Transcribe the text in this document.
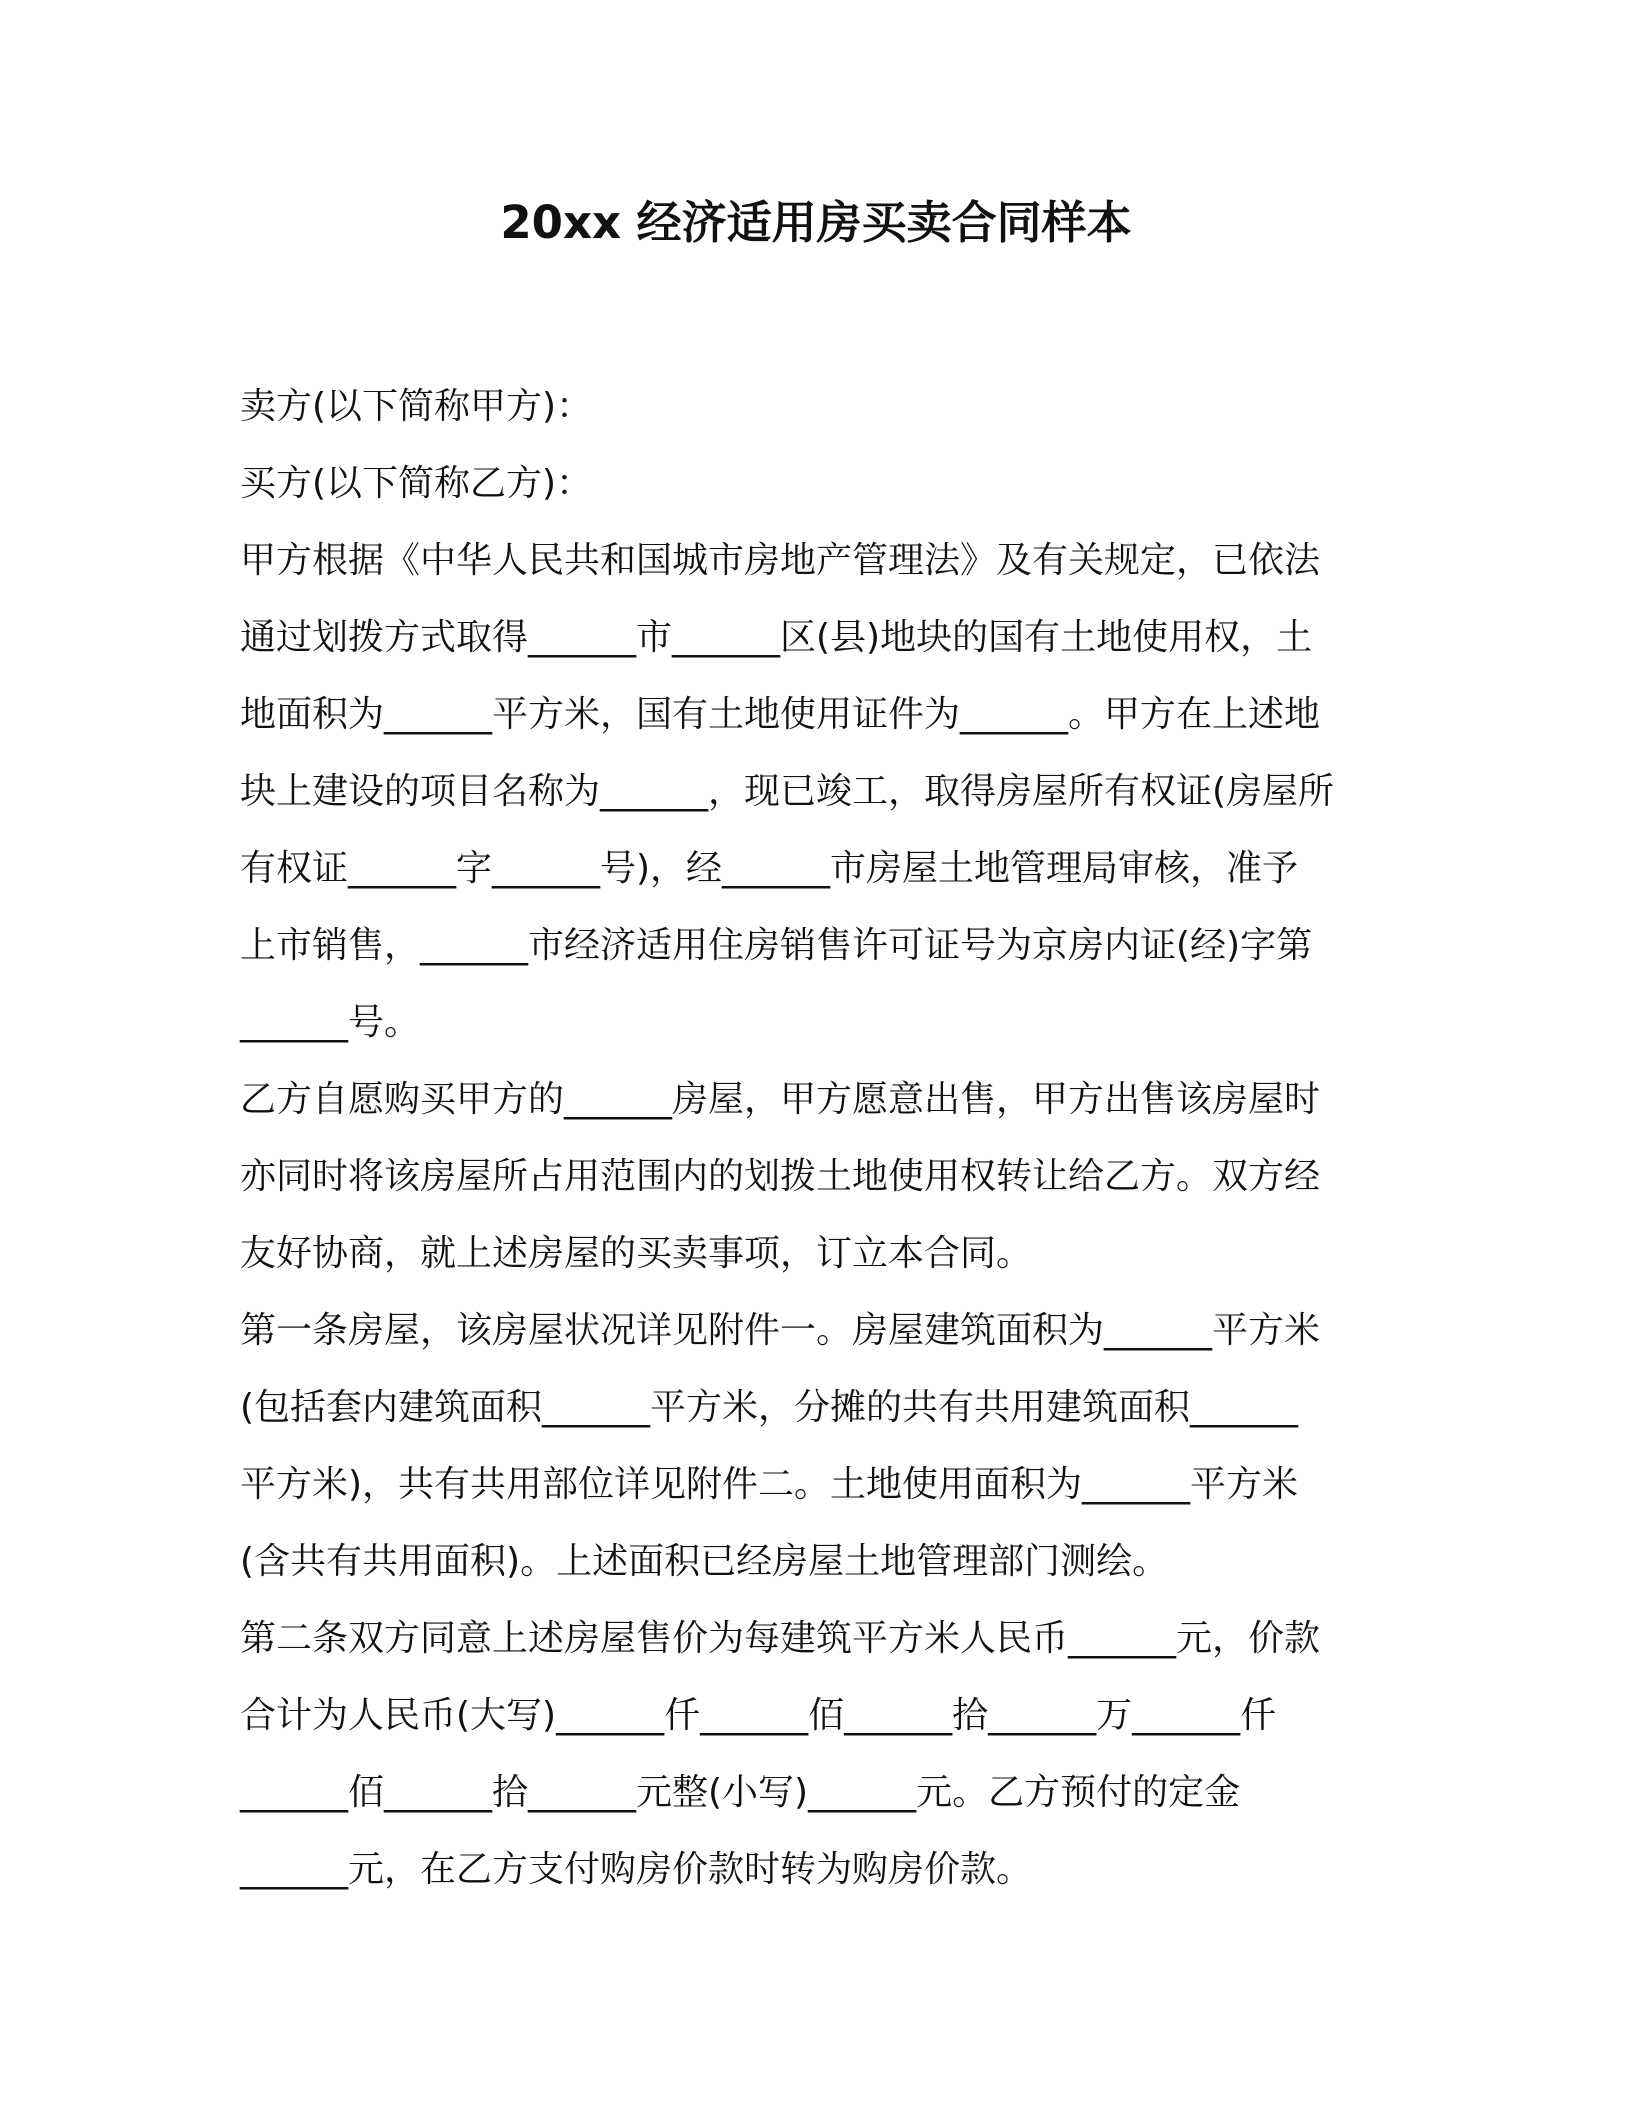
20xx 经济适用房买卖合同样本

卖方(以下简称甲方)：

买方(以下简称乙方)：

甲方根据《中华人民共和国城市房地产管理法》及有关规定，已依法

通过划拨方式取得______市______区(县)地块的国有土地使用权，土

地面积为______平方米，国有土地使用证件为______。甲方在上述地

块上建设的项目名称为______，现已竣工，取得房屋所有权证(房屋所

有权证______字______号)，经______市房屋土地管理局审核，准予

上市销售，______市经济适用住房销售许可证号为京房内证(经)字第

______号。

乙方自愿购买甲方的______房屋，甲方愿意出售，甲方出售该房屋时

亦同时将该房屋所占用范围内的划拨土地使用权转让给乙方。双方经

友好协商，就上述房屋的买卖事项，订立本合同。

第一条房屋，该房屋状况详见附件一。房屋建筑面积为______平方米

(包括套内建筑面积______平方米，分摊的共有共用建筑面积______

平方米)，共有共用部位详见附件二。土地使用面积为______平方米

(含共有共用面积)。上述面积已经房屋土地管理部门测绘。

第二条双方同意上述房屋售价为每建筑平方米人民币______元，价款

合计为人民币(大写)______仟______佰______拾______万______仟

______佰______拾______元整(小写)______元。乙方预付的定金

______元，在乙方支付购房价款时转为购房价款。
